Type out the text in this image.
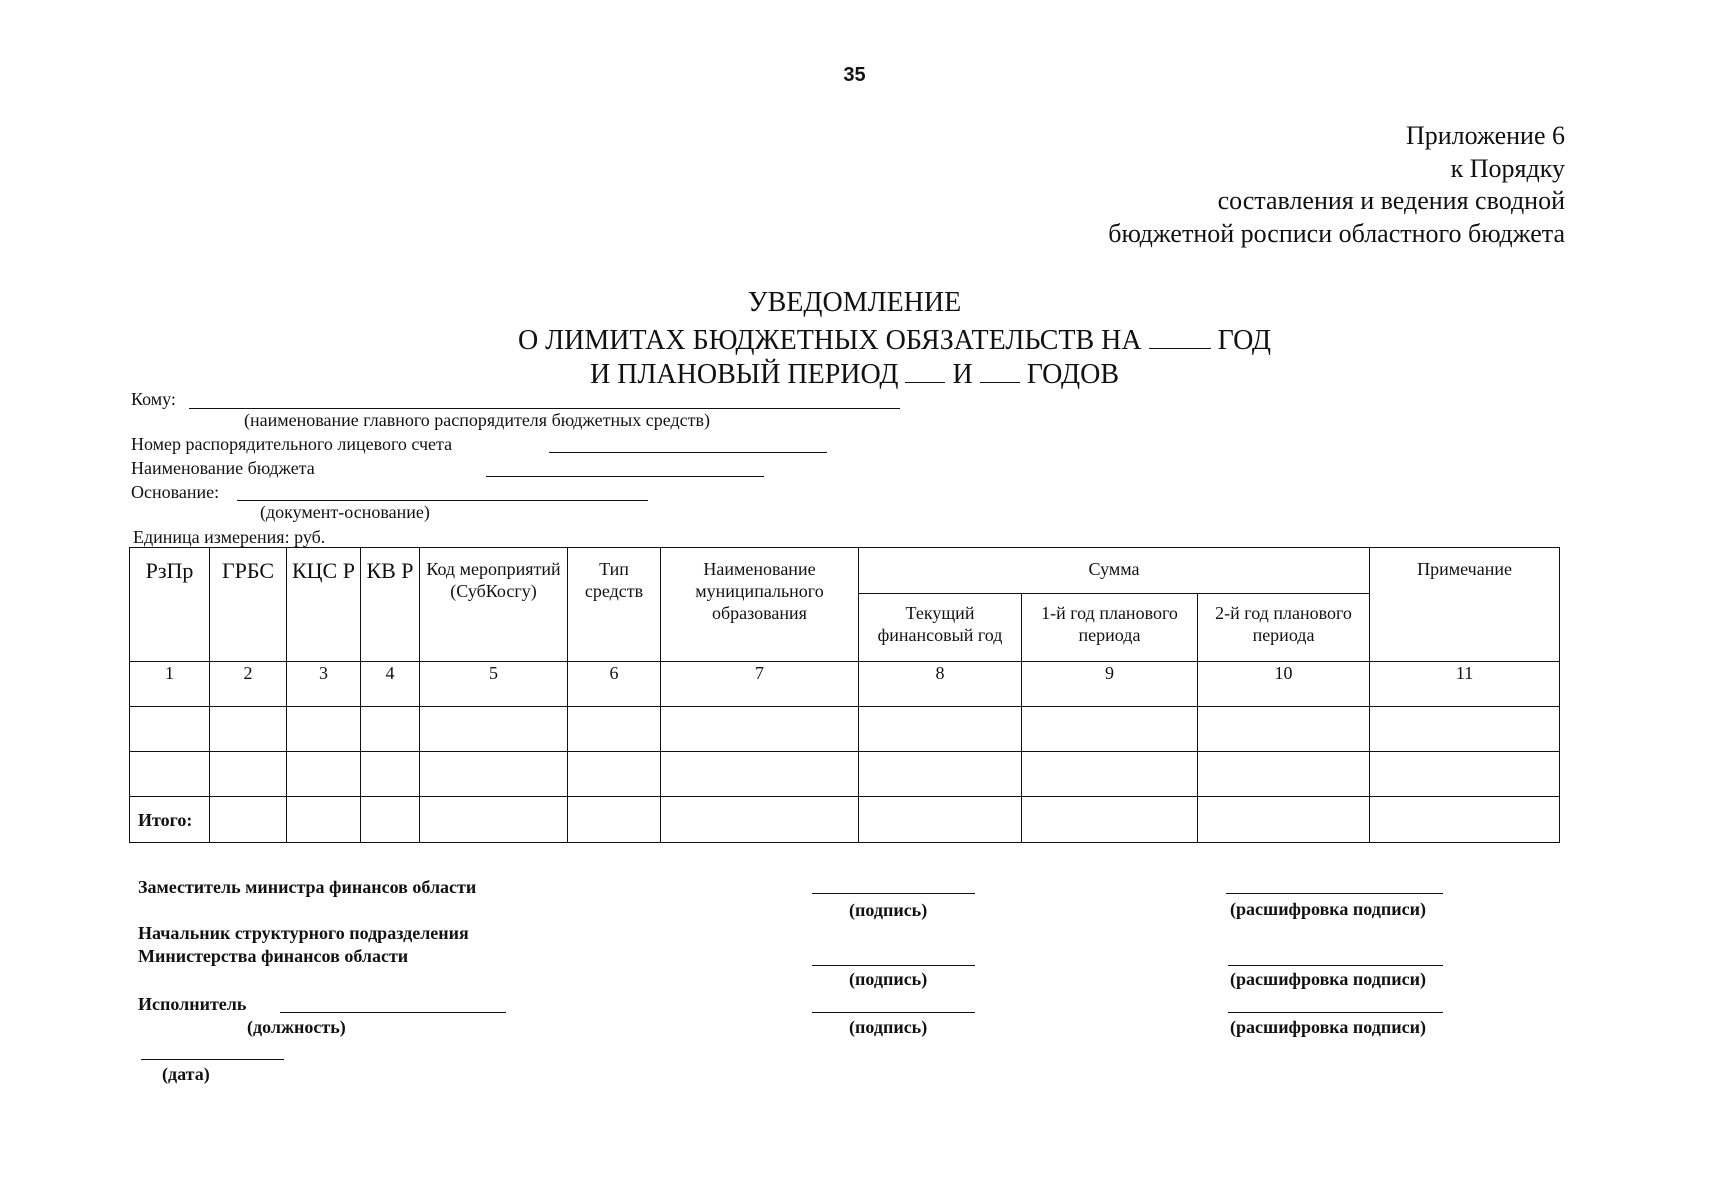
35
Приложение 6
к Порядку
составления и ведения сводной
бюджетной росписи областного бюджета
УВЕДОМЛЕНИЕ
О ЛИМИТАХ БЮДЖЕТНЫХ ОБЯЗАТЕЛЬСТВ НА	ГОД
И ПЛАНОВЫЙ ПЕРИОД И ГОДОВ
Кому:
(наименование главного распорядителя бюджетных средств)
Номер распорядительного лицевого счета
Наименование бюджета
Основание:
(документ-основание)
Единица измерения: руб.
РзПр	ГРБС	КЦС Р	КВ Р	Код мероприятий (СубКосгу)	Тип средств	Наименование муниципального образования	Сумма			Примечание
							Текущий финансовый год	1-й год планового периода	2-й год планового периода	
1	2	3	4	5	6	7	8	9	10	11

Итого:										
Заместитель министра финансов области
(подпись)	(расшифровка подписи)
Начальник структурного подразделения
Министерства финансов области
(подпись)	(расшифровка подписи)
Исполнитель
(должность)	(подпись)	(расшифровка подписи)
(дата)
